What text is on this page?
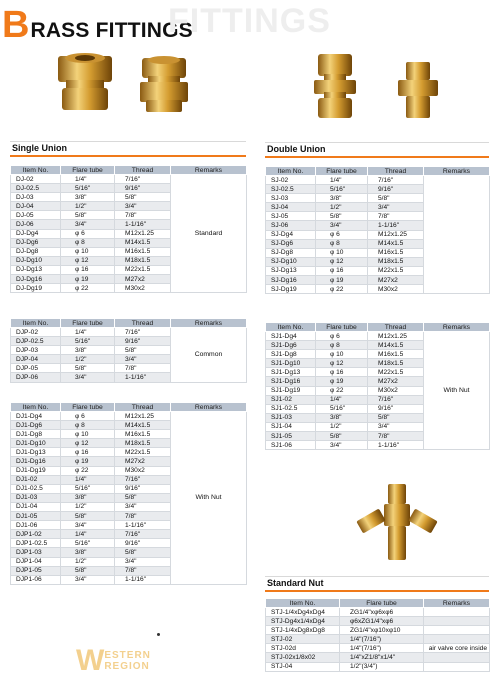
B RASS FITTINGS
FITTINGS
Single Union	Double Union
Standard Nut
Item No.	Flare tube	Thread	Remarks
DJ-02	1/4"	7/16"	Standard
DJ-02.5	5/16"	9/16"	
DJ-03	3/8"	5/8"	
DJ-04	1/2"	3/4"	
DJ-05	5/8"	7/8"	
DJ-06	3/4"	1-1/16"	
DJ-Dg4	φ 6	M12x1.25	
DJ-Dg6	φ 8	M14x1.5	
DJ-Dg8	φ 10	M16x1.5	
DJ-Dg10	φ 12	M18x1.5	
DJ-Dg13	φ 16	M22x1.5	
DJ-Dg16	φ 19	M27x2	
DJ-Dg19	φ 22	M30x2	
Item No.	Flare tube	Thread	Remarks
DJP-02	1/4"	7/16"	Common
DJP-02.5	5/16"	9/16"	
DJP-03	3/8"	5/8"	
DJP-04	1/2"	3/4"	
DJP-05	5/8"	7/8"	
DJP-06	3/4"	1-1/16"	
Item No.	Flare tube	Thread	Remarks
DJ1-Dg4	φ 6	M12x1.25	With Nut
DJ1-Dg6	φ 8	M14x1.5	
DJ1-Dg8	φ 10	M16x1.5	
DJ1-Dg10	φ 12	M18x1.5	
DJ1-Dg13	φ 16	M22x1.5	
DJ1-Dg16	φ 19	M27x2	
DJ1-Dg19	φ 22	M30x2	
DJ1-02	1/4"	7/16"	
DJ1-02.5	5/16"	9/16"	
DJ1-03	3/8"	5/8"	
DJ1-04	1/2"	3/4"	
DJ1-05	5/8"	7/8"	
DJ1-06	3/4"	1-1/16"	
DJP1-02	1/4"	7/16"	
DJP1-02.5	5/16"	9/16"	
DJP1-03	3/8"	5/8"	
DJP1-04	1/2"	3/4"	
DJP1-05	5/8"	7/8"	
DJP1-06	3/4"	1-1/16"	
Item No.	Flare tube	Thread	Remarks
SJ-02	1/4"	7/16"	
SJ-02.5	5/16"	9/16"	
SJ-03	3/8"	5/8"	
SJ-04	1/2"	3/4"	
SJ-05	5/8"	7/8"	
SJ-06	3/4"	1-1/16"	
SJ-Dg4	φ 6	M12x1.25	
SJ-Dg6	φ 8	M14x1.5	
SJ-Dg8	φ 10	M16x1.5	
SJ-Dg10	φ 12	M18x1.5	
SJ-Dg13	φ 16	M22x1.5	
SJ-Dg16	φ 19	M27x2	
SJ-Dg19	φ 22	M30x2	
Item No.	Flare tube	Thread	Remarks
SJ1-Dg4	φ 6	M12x1.25	With Nut
SJ1-Dg6	φ 8	M14x1.5	
SJ1-Dg8	φ 10	M16x1.5	
SJ1-Dg10	φ 12	M18x1.5	
SJ1-Dg13	φ 16	M22x1.5	
SJ1-Dg16	φ 19	M27x2	
SJ1-Dg19	φ 22	M30x2	
SJ1-02	1/4"	7/16"	
SJ1-02.5	5/16"	9/16"	
SJ1-03	3/8"	5/8"	
SJ1-04	1/2"	3/4"	
SJ1-05	5/8"	7/8"	
SJ1-06	3/4"	1-1/16"	
Item No.	Flare tube	Remarks
STJ-1/4xDg4xDg4	ZG1/4"xφ6xφ6	
STJ-Dg4x1/4xDg4	φ6xZG1/4"xφ6	
STJ-1/4xDg8xDg8	ZG1/4"xφ10xφ10	
STJ-02	1/4"(7/16")	
STJ-02d	1/4"(7/16")	air valve core inside
STJ-02x1/8x02	1/4"xZ1/8"x1/4"	
STJ-04	1/2"(3/4")	
W ESTERN
REGION
